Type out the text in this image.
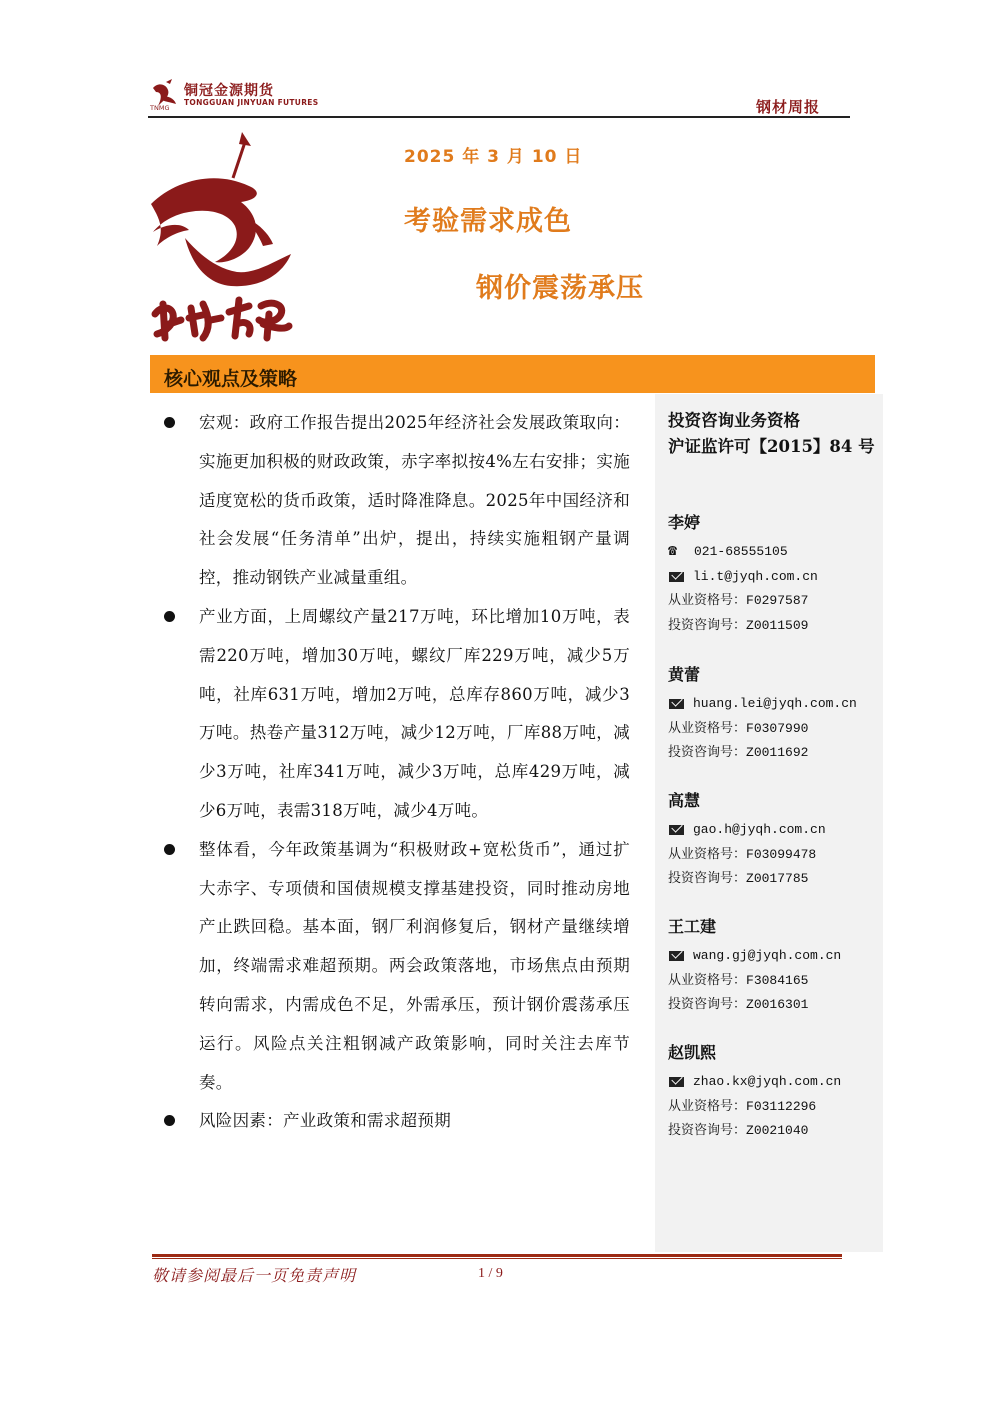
铜冠金源期货
TONGGUAN JINYUAN FUTURES
TNMG	钢材周报
2025 年 3 月 10 日
考验需求成色
钢价震荡承压
核心观点及策略
宏观：政府工作报告提出2025年经济社会发展政策取向：实施更加积极的财政政策，赤字率拟按4%左右安排；实施适度宽松的货币政策，适时降准降息。2025年中国经济和社会发展“任务清单”出炉，提出，持续实施粗钢产量调控，推动钢铁产业减量重组。
产业方面，上周螺纹产量217万吨，环比增加10万吨，表需220万吨，增加30万吨，螺纹厂库229万吨，减少5万吨，社库631万吨，增加2万吨，总库存860万吨，减少3万吨。热卷产量312万吨，减少12万吨，厂库88万吨，减少3万吨，社库341万吨，减少3万吨，总库429万吨，减少6万吨，表需318万吨，减少4万吨。
整体看，今年政策基调为“积极财政+宽松货币”，通过扩大赤字、专项债和国债规模支撑基建投资，同时推动房地产止跌回稳。基本面，钢厂利润修复后，钢材产量继续增加，终端需求难超预期。两会政策落地，市场焦点由预期转向需求，内需成色不足，外需承压，预计钢价震荡承压运行。风险点关注粗钢减产政策影响，同时关注去库节奏。
风险因素：产业政策和需求超预期
投资咨询业务资格
沪证监许可【2015】84 号
李婷
☎	021-68555105
li.t@jyqh.com.cn
从业资格号： F0297587
投资咨询号： Z0011509
黄蕾
huang.lei@jyqh.com.cn
从业资格号： F0307990
投资咨询号： Z0011692
高慧
gao.h@jyqh.com.cn
从业资格号： F03099478
投资咨询号： Z0017785
王工建
wang.gj@jyqh.com.cn
从业资格号： F3084165
投资咨询号： Z0016301
赵凯熙
zhao.kx@jyqh.com.cn
从业资格号： F03112296
投资咨询号： Z0021040
敬请参阅最后一页免责声明	1 / 9
